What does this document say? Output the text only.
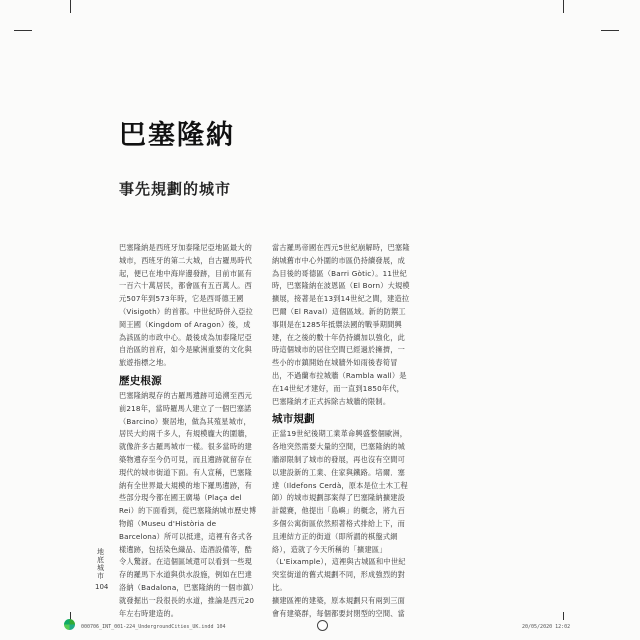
巴塞隆納
事先規劃的城市

巴塞隆納是西班牙加泰隆尼亞地區最大的城市，西班牙的第二大城，自古羅馬時代起，便已在地中海岸邊發跡，目前市區有一百六十萬居民，都會區有五百萬人。西元507年到573年時，它是西哥德王國（Visigoth）的首都。中世紀時併入亞拉岡王國（Kingdom of Aragon）後，成為該區的市政中心。最後成為加泰隆尼亞自治區的首府，如今是歐洲重要的文化與旅遊指標之地。

歷史根源

巴塞隆納現存的古羅馬遺跡可追溯至西元前218年，當時羅馬人建立了一個巴塞諾（Barcino）聚居地，做為其殖星城市，居民大約兩千多人，有規模龐大的圍牆，就像許多古羅馬城市一樣。很多當時的建築物遺存至今仍可見，而且遺跡就留存在現代的城市街道下面。有人宣稱，巴塞隆納有全世界最大規模的地下羅馬遺跡，有些部分現今都在國王廣場（Plaça del Rei）的下面看到，從巴塞隆納城市歷史博物館（Museu d'Història de Barcelona）所可以抵達，這裡有各式各樣遺跡，包括染色織品、造酒設備等，酷令人驚訝。在這個區域還可以看到一些現存的羅馬下水道與供水設施，例如在巴達洛納（Badalona，巴塞隆納的一個市鎮）就發掘出一段很長的水道，推論是西元20年左右時建造的。

當古羅馬帝國在西元5世紀崩解時，巴塞隆納城舊市中心外圍的市區仍持續發展，成為目後的哥德區（Barri Gòtic）。11世紀時，巴塞隆納在波恩區（El Born）大規模擴展，接著是在13到14世紀之間，建造拉巴爾（El Raval）這個區域。新的防禦工事則是在1285年抵禦法國的戰爭期間興建，在之後的數十年仍持續加以強化，此時這個城市的居住空間已經過於擁擠，一些小的市鎮開始在城牆外如雨後春筍冒出，不過蘭布拉城牆（Rambla wall）是在14世紀才建好，而一直到1850年代，巴塞隆納才正式拆除古城牆的限制。

城市規劃

正當19世紀後期工業革命興盛整個歐洲，各地突然需要大量的空間，巴塞隆納的城牆卻限制了城市的發展，再也沒有空間可以建設新的工業、住家與鐵路。培爾．塞達（Ildefons Cerdà，原本是位土木工程師）的城市規劃部案得了巴塞隆納擴建設計競賽，他提出「島嶼」的概念，將九百多個公寓街區依然照著格式排給上下，而且連結方正的街道（即所謂的棋盤式網絡），造就了今天所稱的「擴建區」（L'Eixample），這裡與古城區和中世紀突室街道的舊式規劃不同，形成強烈的對比。

擴建區裡的建築，原本規劃只有兩到三面會有建築群，每個都要封閉型的空間、當

地底城市
104
000706_INT_001-224_UndergroundCities_UK.indd 104	20/05/2020 12:02
